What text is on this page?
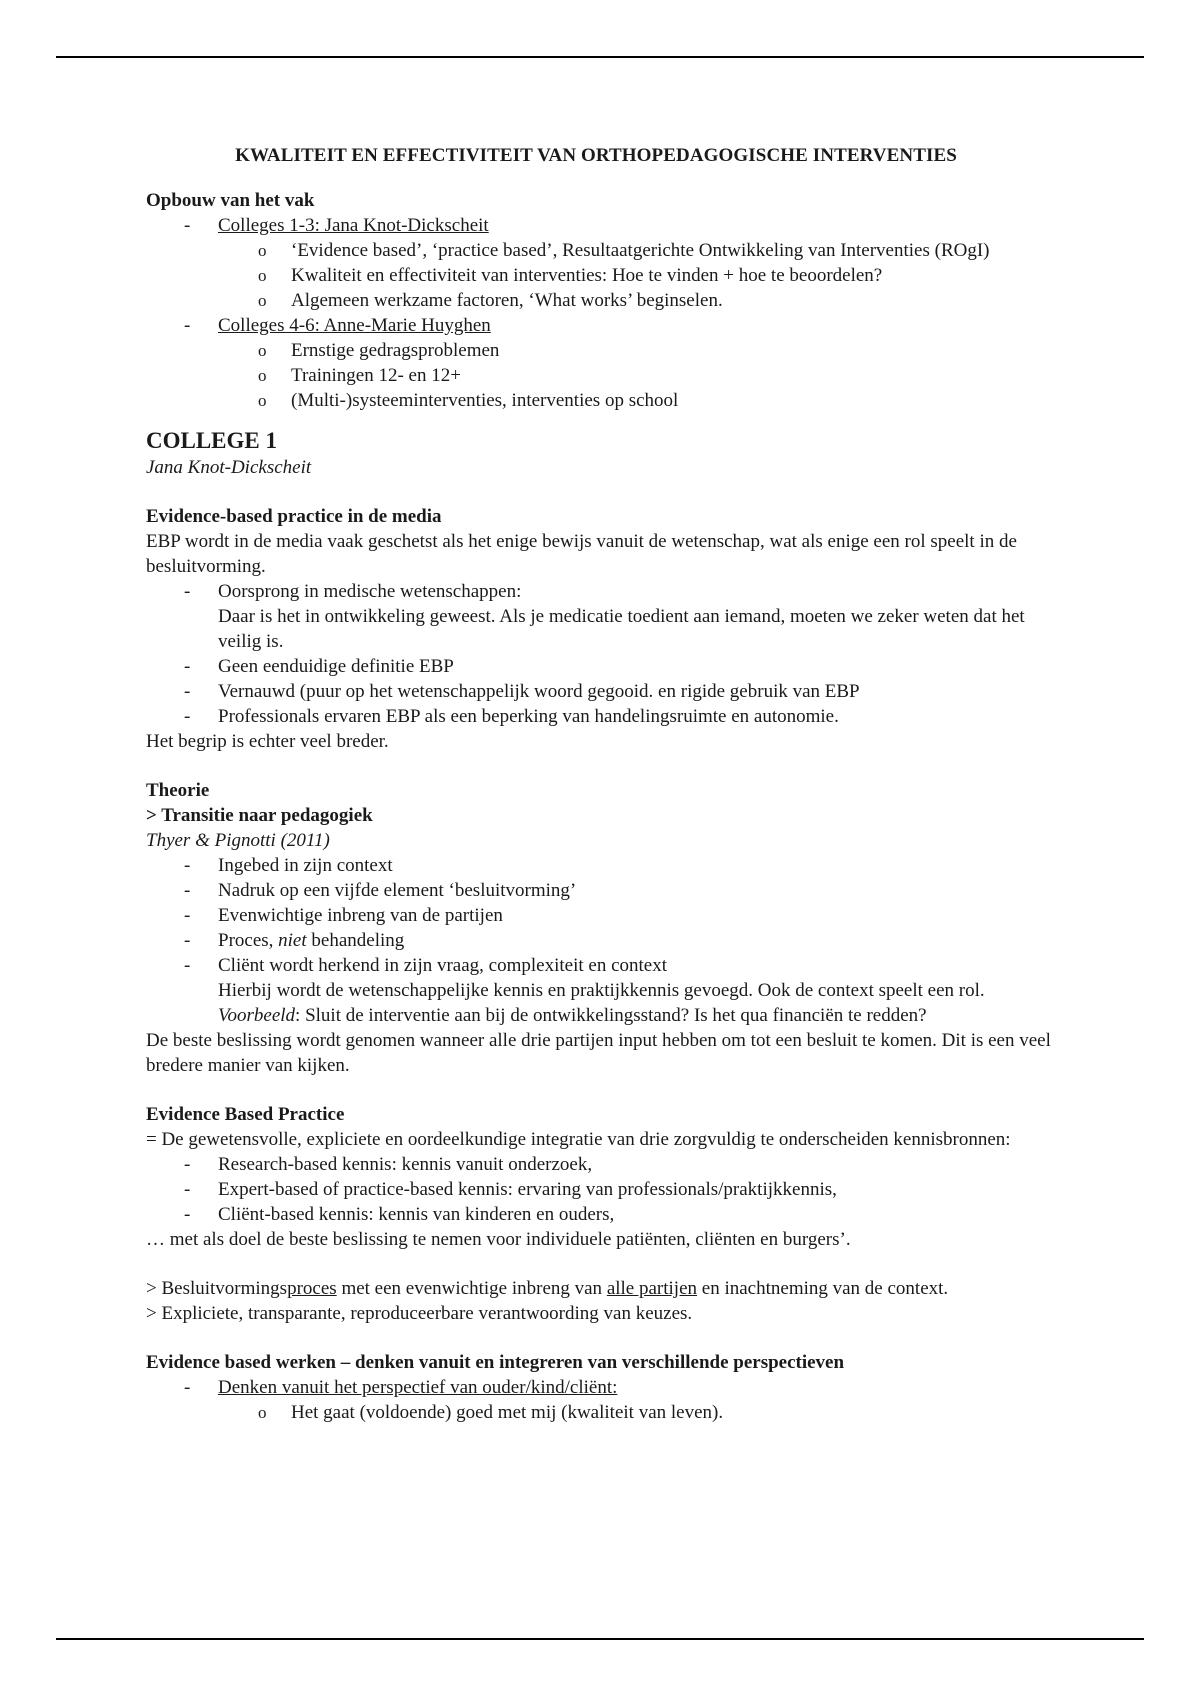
KWALITEIT EN EFFECTIVITEIT VAN ORTHOPEDAGOGISCHE INTERVENTIES
Opbouw van het vak
- Colleges 1-3: Jana Knot-Dickscheit
o ‘Evidence based’, ‘practice based’, Resultaatgerichte Ontwikkeling van Interventies (ROgI)
o Kwaliteit en effectiviteit van interventies: Hoe te vinden + hoe te beoordelen?
o Algemeen werkzame factoren, ‘What works’ beginselen.
- Colleges 4-6: Anne-Marie Huyghen
o Ernstige gedragsproblemen
o Trainingen 12- en 12+
o (Multi-)systeeminterventies, interventies op school
COLLEGE 1

Jana Knot-Dickscheit

Evidence-based practice in de media

EBP wordt in de media vaak geschetst als het enige bewijs vanuit de wetenschap, wat als enige een rol speelt in de besluitvorming.

- Oorsprong in medische wetenschappen:
Daar is het in ontwikkeling geweest. Als je medicatie toedient aan iemand, moeten we zeker weten dat het veilig is.
- Geen eenduidige definitie EBP
- Vernauwd (puur op het wetenschappelijk woord gegooid. en rigide gebruik van EBP
- Professionals ervaren EBP als een beperking van handelingsruimte en autonomie.

Het begrip is echter veel breder.

Theorie
> Transitie naar pedagogiek

Thyer & Pignotti (2011)

- Ingebed in zijn context
- Nadruk op een vijfde element ‘besluitvorming’
- Evenwichtige inbreng van de partijen
- Proces, niet behandeling
- Cliënt wordt herkend in zijn vraag, complexiteit en context
Hierbij wordt de wetenschappelijke kennis en praktijkkennis gevoegd. Ook de context speelt een rol. Voorbeeld: Sluit de interventie aan bij de ontwikkelingsstand? Is het qua financiën te redden?

De beste beslissing wordt genomen wanneer alle drie partijen input hebben om tot een besluit te komen. Dit is een veel bredere manier van kijken.

Evidence Based Practice

= De gewetensvolle, expliciete en oordeelkundige integratie van drie zorgvuldig te onderscheiden kennisbronnen:

- Research-based kennis: kennis vanuit onderzoek,
- Expert-based of practice-based kennis: ervaring van professionals/praktijkkennis,
- Cliënt-based kennis: kennis van kinderen en ouders,

… met als doel de beste beslissing te nemen voor individuele patiënten, cliënten en burgers’.

> Besluitvormingsproces met een evenwichtige inbreng van alle partijen en inachtneming van de context.

> Expliciete, transparante, reproduceerbare verantwoording van keuzes.

Evidence based werken – denken vanuit en integreren van verschillende perspectieven
- Denken vanuit het perspectief van ouder/kind/cliënt:
o Het gaat (voldoende) goed met mij (kwaliteit van leven).
